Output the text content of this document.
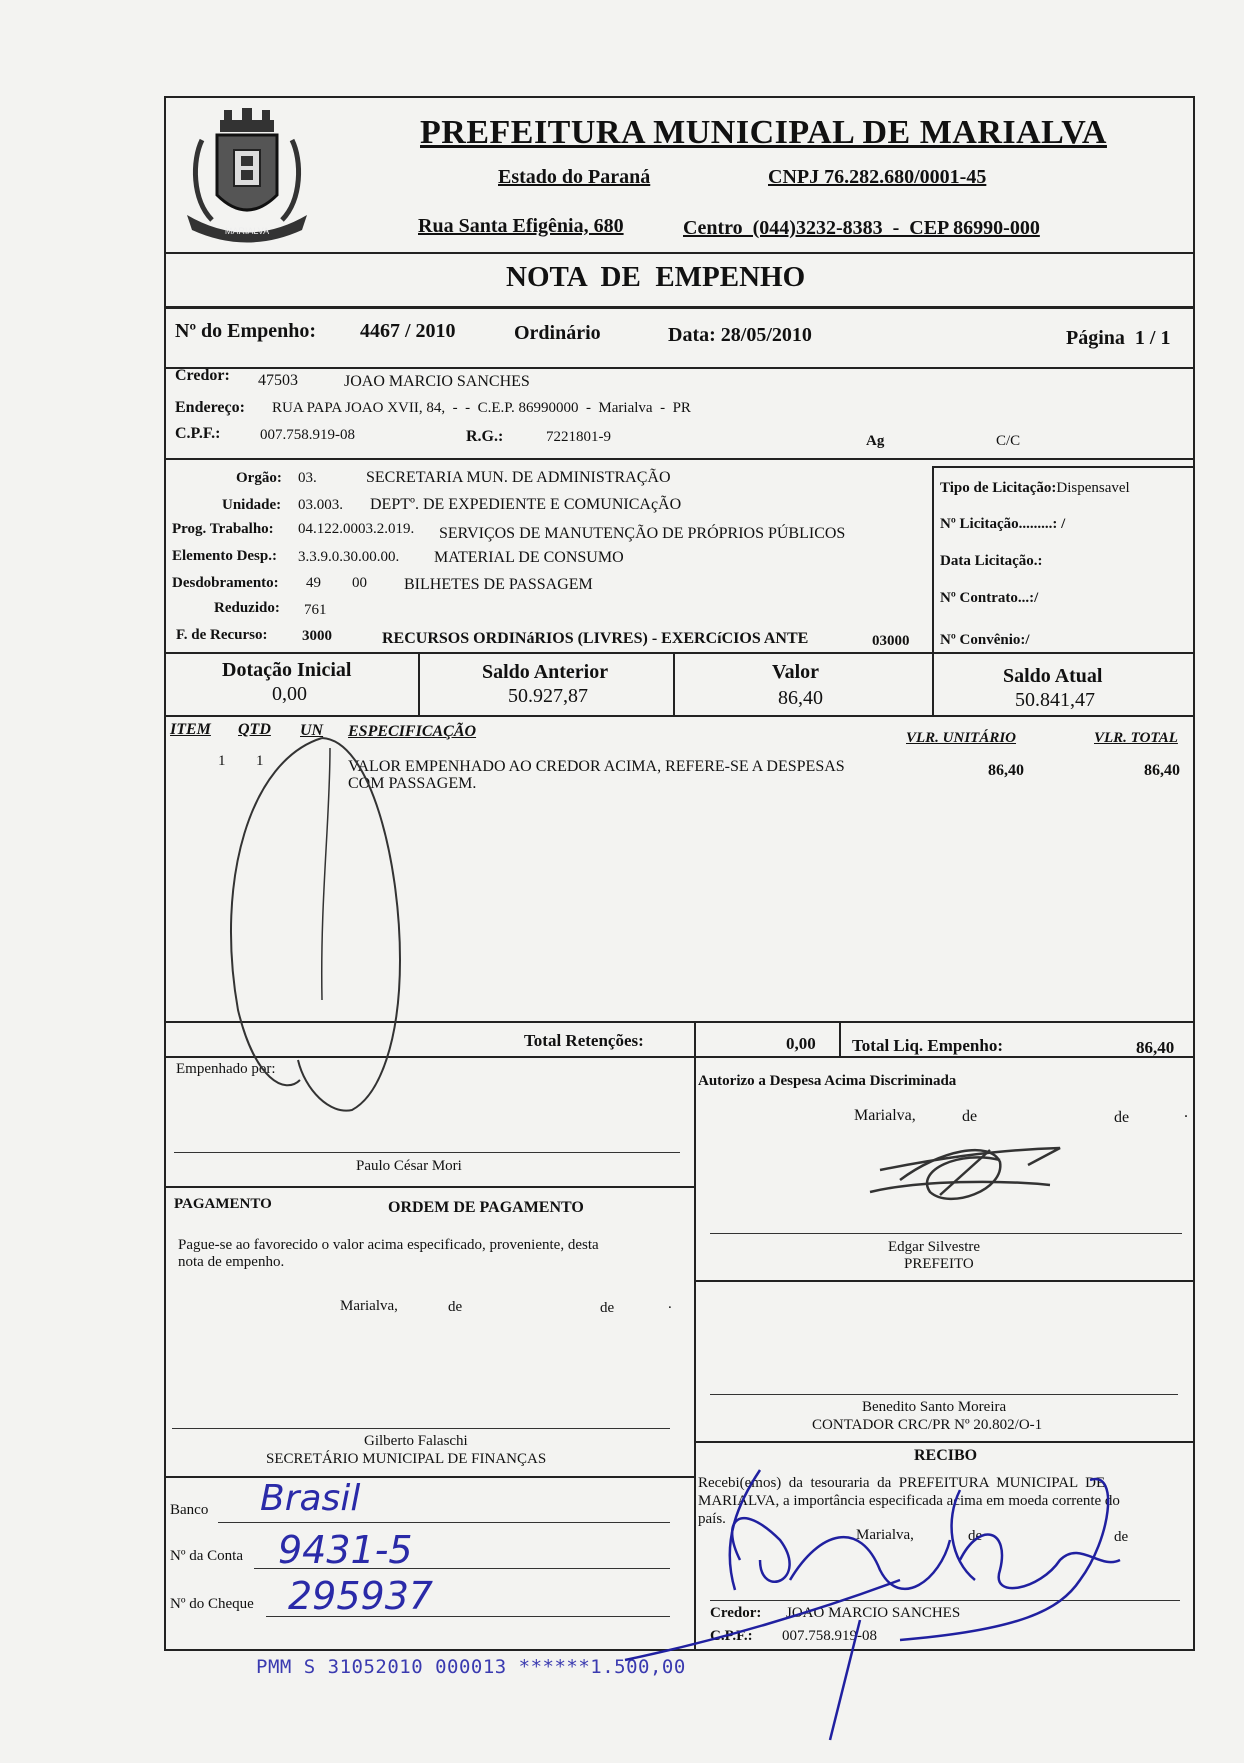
MARIALVA
PREFEITURA MUNICIPAL DE MARIALVA
Estado do Paraná	CNPJ 76.282.680/0001-45
Rua Santa Efigênia, 680	Centro  (044)3232-8383  -  CEP 86990-000
NOTA  DE  EMPENHO
Nº do Empenho: 4467 / 2010	Ordinário	Data: 28/05/2010	Página  1 / 1
Credor: 47503	JOAO MARCIO SANCHES
Endereço: RUA PAPA JOAO XVII, 84,  -  -  C.E.P. 86990000  -  Marialva  -  PR
C.P.F.:	007.758.919-08	R.G.:	7221801-9	Ag	C/C
Orgão: 03.	SECRETARIA MUN. DE ADMINISTRAÇÃO
Unidade: 03.003. DEPTº. DE EXPEDIENTE E COMUNICAçÃO
Prog. Trabalho: 04.122.0003.2.019. SERVIÇOS DE MANUTENÇÃO DE PRÓPRIOS PÚBLICOS
Elemento Desp.: 3.3.9.0.30.00.00. MATERIAL DE CONSUMO
Desdobramento: 49 00 BILHETES DE PASSAGEM
Reduzido: 761
F. de Recurso: 3000	RECURSOS ORDINáRIOS (LIVRES) - EXERCíCIOS ANTE	03000
Tipo de Licitação:Dispensavel
Nº Licitação.........: /
Data Licitação.:
Nº Contrato...:/
Nº Convênio:/
Dotação Inicial
0,00
Saldo Anterior
50.927,87
Valor
86,40
Saldo Atual
50.841,47
ITEM QTD UN ESPECIFICAÇÃO	VLR. UNITÁRIO	VLR. TOTAL
1 1	VALOR EMPENHADO AO CREDOR ACIMA, REFERE-SE A DESPESAS
COM PASSAGEM.
86,40	86,40
Total Retenções:	0,00 Total Liq. Empenho:	86,40
Empenhado por:
Paulo César Mori
Autorizo a Despesa Acima Discriminada
Marialva,	de	de	.
Edgar Silvestre
PREFEITO
PAGAMENTO	ORDEM DE PAGAMENTO
Pague-se ao favorecido o valor acima especificado, proveniente, desta
nota de empenho.
Marialva,	de	de	.
Benedito Santo Moreira
CONTADOR CRC/PR Nº 20.802/O-1
Gilberto Falaschi
SECRETÁRIO MUNICIPAL DE FINANÇAS	RECIBO
Recebi(emos)  da  tesouraria  da  PREFEITURA  MUNICIPAL  DE
MARIALVA, a importância especificada acima em moeda corrente do
país.
Marialva,	de	de
Credor: JOAO MARCIO SANCHES
C.P.F.: 007.758.919-08
Banco Brasil
Nº da Conta 9431-5
Nº do Cheque 295937
PMM S 31052010 000013 ******1.500,00
